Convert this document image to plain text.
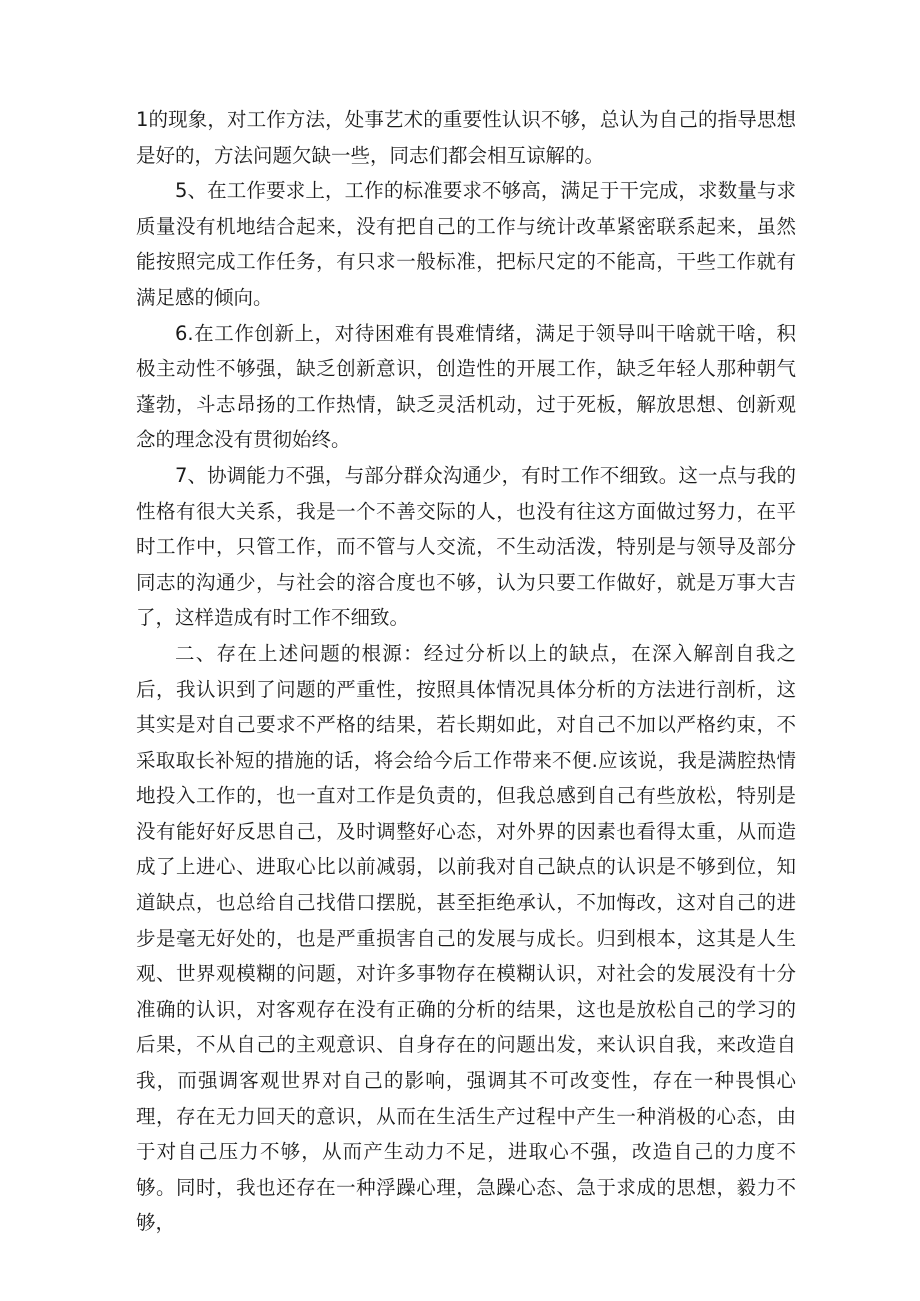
1的现象，对工作方法，处事艺术的重要性认识不够，总认为自己的指导思想是好的，方法问题欠缺一些，同志们都会相互谅解的。

5、在工作要求上，工作的标准要求不够高，满足于干完成，求数量与求质量没有机地结合起来，没有把自己的工作与统计改革紧密联系起来，虽然能按照完成工作任务，有只求一般标准，把标尺定的不能高，干些工作就有满足感的倾向。

6.在工作创新上，对待困难有畏难情绪，满足于领导叫干啥就干啥，积极主动性不够强，缺乏创新意识，创造性的开展工作，缺乏年轻人那种朝气蓬勃，斗志昂扬的工作热情，缺乏灵活机动，过于死板，解放思想、创新观念的理念没有贯彻始终。

7、协调能力不强，与部分群众沟通少，有时工作不细致。这一点与我的性格有很大关系，我是一个不善交际的人，也没有往这方面做过努力，在平时工作中，只管工作，而不管与人交流，不生动活泼，特别是与领导及部分同志的沟通少，与社会的溶合度也不够，认为只要工作做好，就是万事大吉了，这样造成有时工作不细致。

二、存在上述问题的根源：经过分析以上的缺点，在深入解剖自我之后，我认识到了问题的严重性，按照具体情况具体分析的方法进行剖析，这其实是对自己要求不严格的结果，若长期如此，对自己不加以严格约束，不采取取长补短的措施的话，将会给今后工作带来不便.应该说，我是满腔热情地投入工作的，也一直对工作是负责的，但我总感到自己有些放松，特别是没有能好好反思自己，及时调整好心态，对外界的因素也看得太重，从而造成了上进心、进取心比以前减弱，以前我对自己缺点的认识是不够到位，知道缺点，也总给自己找借口摆脱，甚至拒绝承认，不加悔改，这对自己的进步是毫无好处的，也是严重损害自己的发展与成长。归到根本，这其是人生观、世界观模糊的问题，对许多事物存在模糊认识，对社会的发展没有十分准确的认识，对客观存在没有正确的分析的结果，这也是放松自己的学习的后果，不从自己的主观意识、自身存在的问题出发，来认识自我，来改造自我，而强调客观世界对自己的影响，强调其不可改变性，存在一种畏惧心理，存在无力回天的意识，从而在生活生产过程中产生一种消极的心态，由于对自己压力不够，从而产生动力不足，进取心不强，改造自己的力度不够。同时，我也还存在一种浮躁心理，急躁心态、急于求成的思想，毅力不够，
